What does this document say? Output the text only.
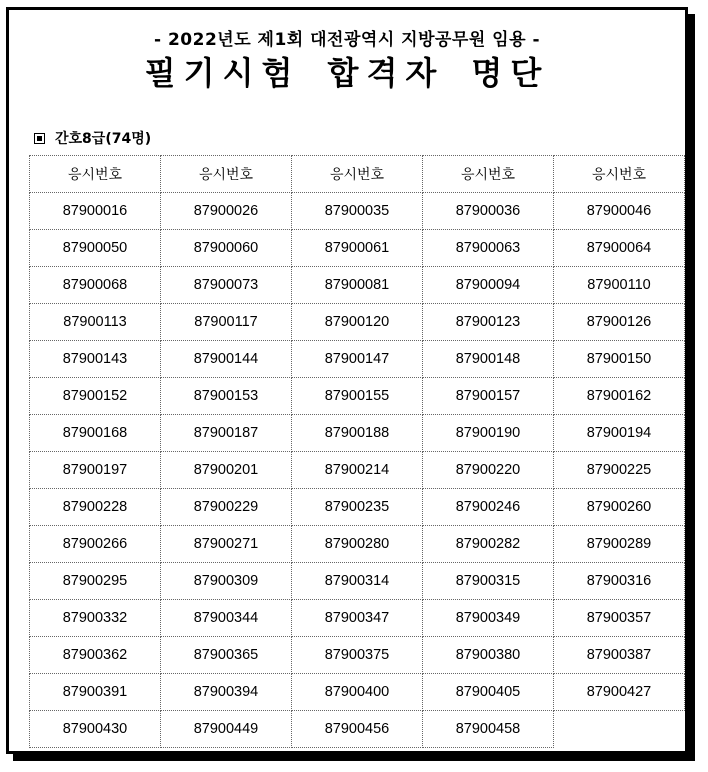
- 2022년도 제1회 대전광역시 지방공무원 임용 -
필기시험 합격자 명단
간호8급(74명)
응시번호	응시번호	응시번호	응시번호	응시번호
87900016	87900026	87900035	87900036	87900046
87900050	87900060	87900061	87900063	87900064
87900068	87900073	87900081	87900094	87900110
87900113	87900117	87900120	87900123	87900126
87900143	87900144	87900147	87900148	87900150
87900152	87900153	87900155	87900157	87900162
87900168	87900187	87900188	87900190	87900194
87900197	87900201	87900214	87900220	87900225
87900228	87900229	87900235	87900246	87900260
87900266	87900271	87900280	87900282	87900289
87900295	87900309	87900314	87900315	87900316
87900332	87900344	87900347	87900349	87900357
87900362	87900365	87900375	87900380	87900387
87900391	87900394	87900400	87900405	87900427
87900430	87900449	87900456	87900458	
